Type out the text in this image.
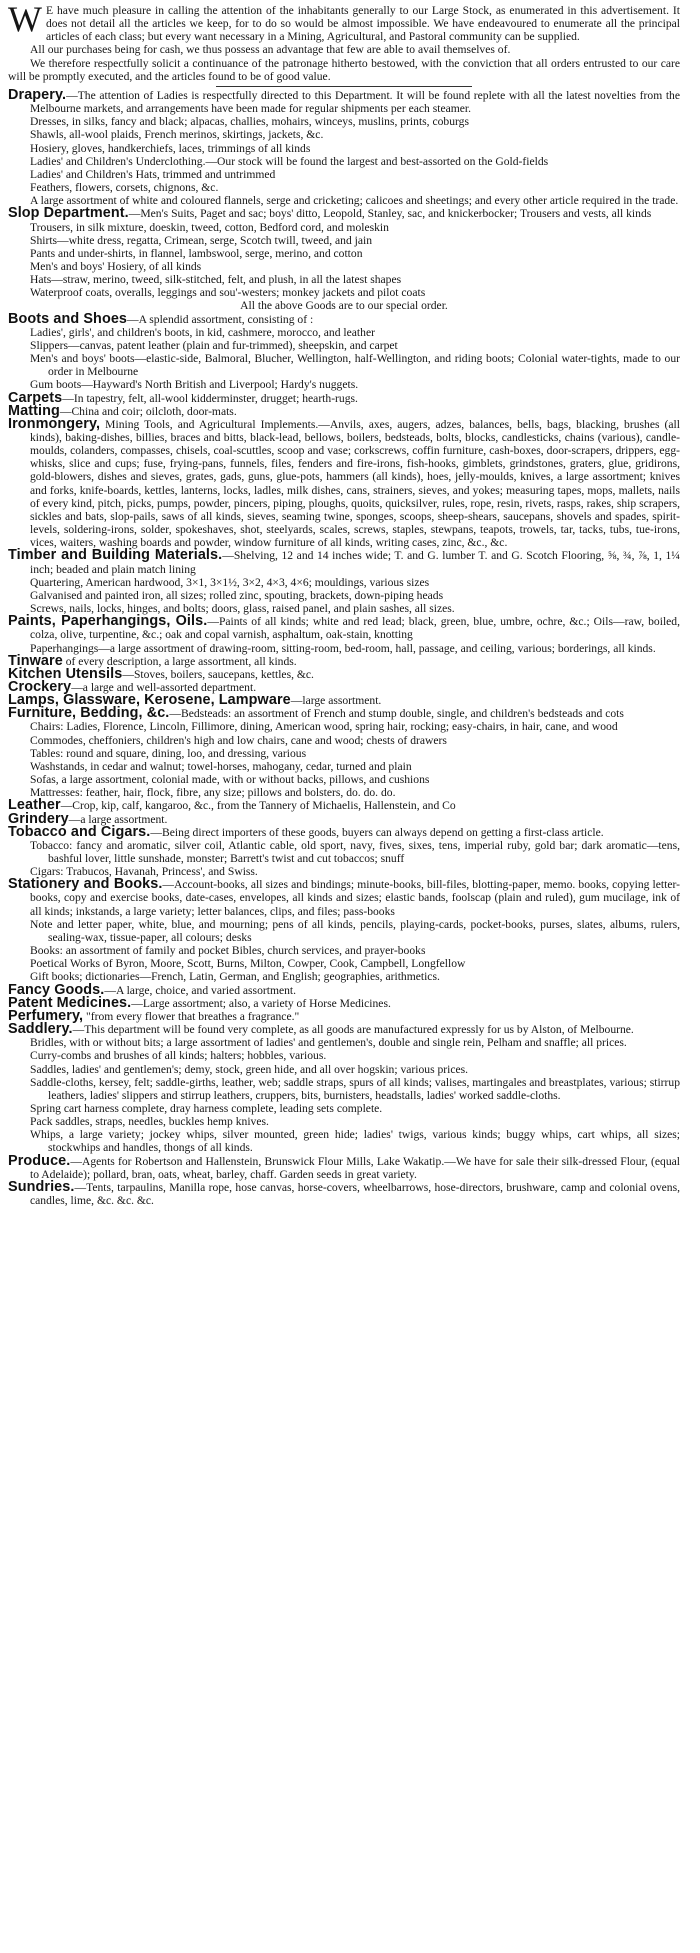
W E have much pleasure in calling the attention of the inhabitants generally to our Large Stock, as enumerated in this advertisement. It does not detail all the articles we keep, for to do so would be almost impossible. We have endeavoured to enumerate all the principal articles of each class; but every want necessary in a Mining, Agricultural, and Pastoral community can be supplied.

All our purchases being for cash, we thus possess an advantage that few are able to avail themselves of.

We therefore respectfully solicit a continuance of the patronage hitherto bestowed, with the conviction that all orders entrusted to our care will be promptly executed, and the articles found to be of good value.

Drapery.—The attention of Ladies is respectfully directed to this Department. It will be found replete with all the latest novelties from the Melbourne markets, and arrangements have been made for regular shipments per each steamer.

Dresses, in silks, fancy and black; alpacas, challies, mohairs, winceys, muslins, prints, coburgs

Shawls, all-wool plaids, French merinos, skirtings, jackets, &c.

Hosiery, gloves, handkerchiefs, laces, trimmings of all kinds

Ladies' and Children's Underclothing.—Our stock will be found the largest and best-assorted on the Gold-fields

Ladies' and Children's Hats, trimmed and untrimmed

Feathers, flowers, corsets, chignons, &c.

A large assortment of white and coloured flannels, serge and cricketing; calicoes and sheetings; and every other article required in the trade.

Slop Department.—Men's Suits, Paget and sac; boys' ditto, Leopold, Stanley, sac, and knickerbocker; Trousers and vests, all kinds

Trousers, in silk mixture, doeskin, tweed, cotton, Bedford cord, and moleskin

Shirts—white dress, regatta, Crimean, serge, Scotch twill, tweed, and jain

Pants and under-shirts, in flannel, lambswool, serge, merino, and cotton

Men's and boys' Hosiery, of all kinds

Hats—straw, merino, tweed, silk-stitched, felt, and plush, in all the latest shapes

Waterproof coats, overalls, leggings and sou'-westers; monkey jackets and pilot coats

All the above Goods are to our special order.

Boots and Shoes—A splendid assortment, consisting of :

Ladies', girls', and children's boots, in kid, cashmere, morocco, and leather

Slippers—canvas, patent leather (plain and fur-trimmed), sheepskin, and carpet

Men's and boys' boots—elastic-side, Balmoral, Blucher, Wellington, half-Wellington, and riding boots; Colonial water-tights, made to our order in Melbourne

Gum boots—Hayward's North British and Liverpool; Hardy's nuggets.

Carpets—In tapestry, felt, all-wool kidderminster, drugget; hearth-rugs.

Matting—China and coir; oilcloth, door-mats.

Ironmongery, Mining Tools, and Agricultural Implements.—Anvils, axes, augers, adzes, balances, bells, bags, blacking, brushes (all kinds), baking-dishes, billies, braces and bitts, black-lead, bellows, boilers, bedsteads, bolts, blocks, candlesticks, chains (various), candle-moulds, colanders, compasses, chisels, coal-scuttles, scoop and vase; corkscrews, coffin furniture, cash-boxes, door-scrapers, drippers, egg-whisks, slice and cups; fuse, frying-pans, funnels, files, fenders and fire-irons, fish-hooks, gimblets, grindstones, graters, glue, gridirons, gold-blowers, dishes and sieves, grates, gads, guns, glue-pots, hammers (all kinds), hoes, jelly-moulds, knives, a large assortment; knives and forks, knife-boards, kettles, lanterns, locks, ladles, milk dishes, cans, strainers, sieves, and yokes; measuring tapes, mops, mallets, nails of every kind, pitch, picks, pumps, powder, pincers, piping, ploughs, quoits, quicksilver, rules, rope, resin, rivets, rasps, rakes, ship scrapers, sickles and bats, slop-pails, saws of all kinds, sieves, seaming twine, sponges, scoops, sheep-shears, saucepans, shovels and spades, spirit-levels, soldering-irons, solder, spokeshaves, shot, steelyards, scales, screws, staples, stewpans, teapots, trowels, tar, tacks, tubs, tue-irons, vices, waiters, washing boards and powder, window furniture of all kinds, writing cases, zinc, &c., &c.

Timber and Building Materials.—Shelving, 12 and 14 inches wide; T. and G. lumber T. and G. Scotch Flooring, ⅝, ¾, ⅞, 1, 1¼ inch; beaded and plain match lining

Quartering, American hardwood, 3×1, 3×1½, 3×2, 4×3, 4×6; mouldings, various sizes

Galvanised and painted iron, all sizes; rolled zinc, spouting, brackets, down-piping heads

Screws, nails, locks, hinges, and bolts; doors, glass, raised panel, and plain sashes, all sizes.

Paints, Paperhangings, Oils.—Paints of all kinds; white and red lead; black, green, blue, umbre, ochre, &c.; Oils—raw, boiled, colza, olive, turpentine, &c.; oak and copal varnish, asphaltum, oak-stain, knotting

Paperhangings—a large assortment of drawing-room, sitting-room, bed-room, hall, passage, and ceiling, various; borderings, all kinds.

Tinware of every description, a large assortment, all kinds.

Kitchen Utensils—Stoves, boilers, saucepans, kettles, &c.

Crockery—a large and well-assorted department.

Lamps, Glassware, Kerosene, Lampware—large assortment.

Furniture, Bedding, &c.—Bedsteads: an assortment of French and stump double, single, and children's bedsteads and cots

Chairs: Ladies, Florence, Lincoln, Fillimore, dining, American wood, spring hair, rocking; easy-chairs, in hair, cane, and wood

Commodes, cheffoniers, children's high and low chairs, cane and wood; chests of drawers

Tables: round and square, dining, loo, and dressing, various

Washstands, in cedar and walnut; towel-horses, mahogany, cedar, turned and plain

Sofas, a large assortment, colonial made, with or without backs, pillows, and cushions

Mattresses: feather, hair, flock, fibre, any size; pillows and bolsters, do. do. do.

Leather—Crop, kip, calf, kangaroo, &c., from the Tannery of Michaelis, Hallenstein, and Co

Grindery—a large assortment.

Tobacco and Cigars.—Being direct importers of these goods, buyers can always depend on getting a first-class article.

Tobacco: fancy and aromatic, silver coil, Atlantic cable, old sport, navy, fives, sixes, tens, imperial ruby, gold bar; dark aromatic—tens, bashful lover, little sunshade, monster; Barrett's twist and cut tobaccos; snuff

Cigars: Trabucos, Havanah, Princess', and Swiss.

Stationery and Books.—Account-books, all sizes and bindings; minute-books, bill-files, blotting-paper, memo. books, copying letter-books, copy and exercise books, date-cases, envelopes, all kinds and sizes; elastic bands, foolscap (plain and ruled), gum mucilage, ink of all kinds; inkstands, a large variety; letter balances, clips, and files; pass-books

Note and letter paper, white, blue, and mourning; pens of all kinds, pencils, playing-cards, pocket-books, purses, slates, albums, rulers, sealing-wax, tissue-paper, all colours; desks

Books: an assortment of family and pocket Bibles, church services, and prayer-books

Poetical Works of Byron, Moore, Scott, Burns, Milton, Cowper, Cook, Campbell, Longfellow

Gift books; dictionaries—French, Latin, German, and English; geographies, arithmetics.

Fancy Goods.—A large, choice, and varied assortment.

Patent Medicines.—Large assortment; also, a variety of Horse Medicines.

Perfumery, "from every flower that breathes a fragrance."

Saddlery.—This department will be found very complete, as all goods are manufactured expressly for us by Alston, of Melbourne.

Bridles, with or without bits; a large assortment of ladies' and gentlemen's, double and single rein, Pelham and snaffle; all prices.

Curry-combs and brushes of all kinds; halters; hobbles, various.

Saddles, ladies' and gentlemen's; demy, stock, green hide, and all over hogskin; various prices.

Saddle-cloths, kersey, felt; saddle-girths, leather, web; saddle straps, spurs of all kinds; valises, martingales and breastplates, various; stirrup leathers, ladies' slippers and stirrup leathers, cruppers, bits, burnisters, headstalls, ladies' worked saddle-cloths.

Spring cart harness complete, dray harness complete, leading sets complete.

Pack saddles, straps, needles, buckles hemp knives.

Whips, a large variety; jockey whips, silver mounted, green hide; ladies' twigs, various kinds; buggy whips, cart whips, all sizes; stockwhips and handles, thongs of all kinds.

Produce.—Agents for Robertson and Hallenstein, Brunswick Flour Mills, Lake Wakatip.—We have for sale their silk-dressed Flour, (equal to Adelaide); pollard, bran, oats, wheat, barley, chaff. Garden seeds in great variety.

Sundries.—Tents, tarpaulins, Manilla rope, hose canvas, horse-covers, wheelbarrows, hose-directors, brushware, camp and colonial ovens, candles, lime, &c. &c. &c.
